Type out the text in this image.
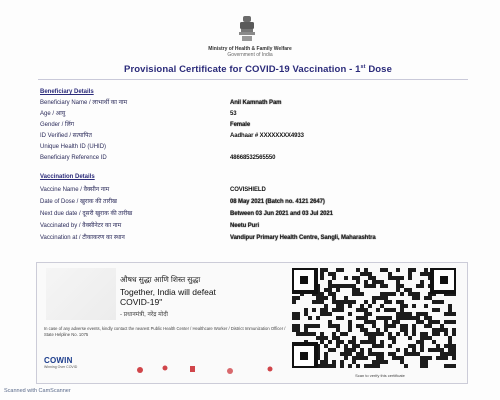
Ministry of Health & Family Welfare
Government of India
Provisional Certificate for COVID-19 Vaccination - 1st Dose
Beneficiary Details
Beneficiary Name / लाभार्थी का नाम	Anil Kamnath Pam
Age / आयु	53
Gender / लिंग	Female
ID Verified / सत्यापित	Aadhaar # XXXXXXXX4933
Unique Health ID (UHID)
Beneficiary Reference ID	48668532565550
Vaccination Details
Vaccine Name / वैक्सीन नाम	COVISHIELD
Date of Dose / खुराक की तारीख	08 May 2021 (Batch no. 4121 2647)
Next due date / दूसरी खुराक की तारीख	Between 03 Jun 2021 and 03 Jul 2021
Vaccinated by / वैक्सीनेटर का नाम	Neetu Puri
Vaccination at / टीकाकरण का स्थान	Vandipur Primary Health Centre, Sangli, Maharashtra
औषध सुद्धा आणि शिस्त सुद्धा
Together, India will defeat
COVID-19"
- प्रधानमंत्री, नरेंद्र मोदी
In case of any adverse events, kindly contact the nearest Public Health Center / Healthcare Worker / District Immunization Officer / State Helpline No. 1075
Scan to verify this certificate
COWIN
Winning Over COVID
Scanned with CamScanner
